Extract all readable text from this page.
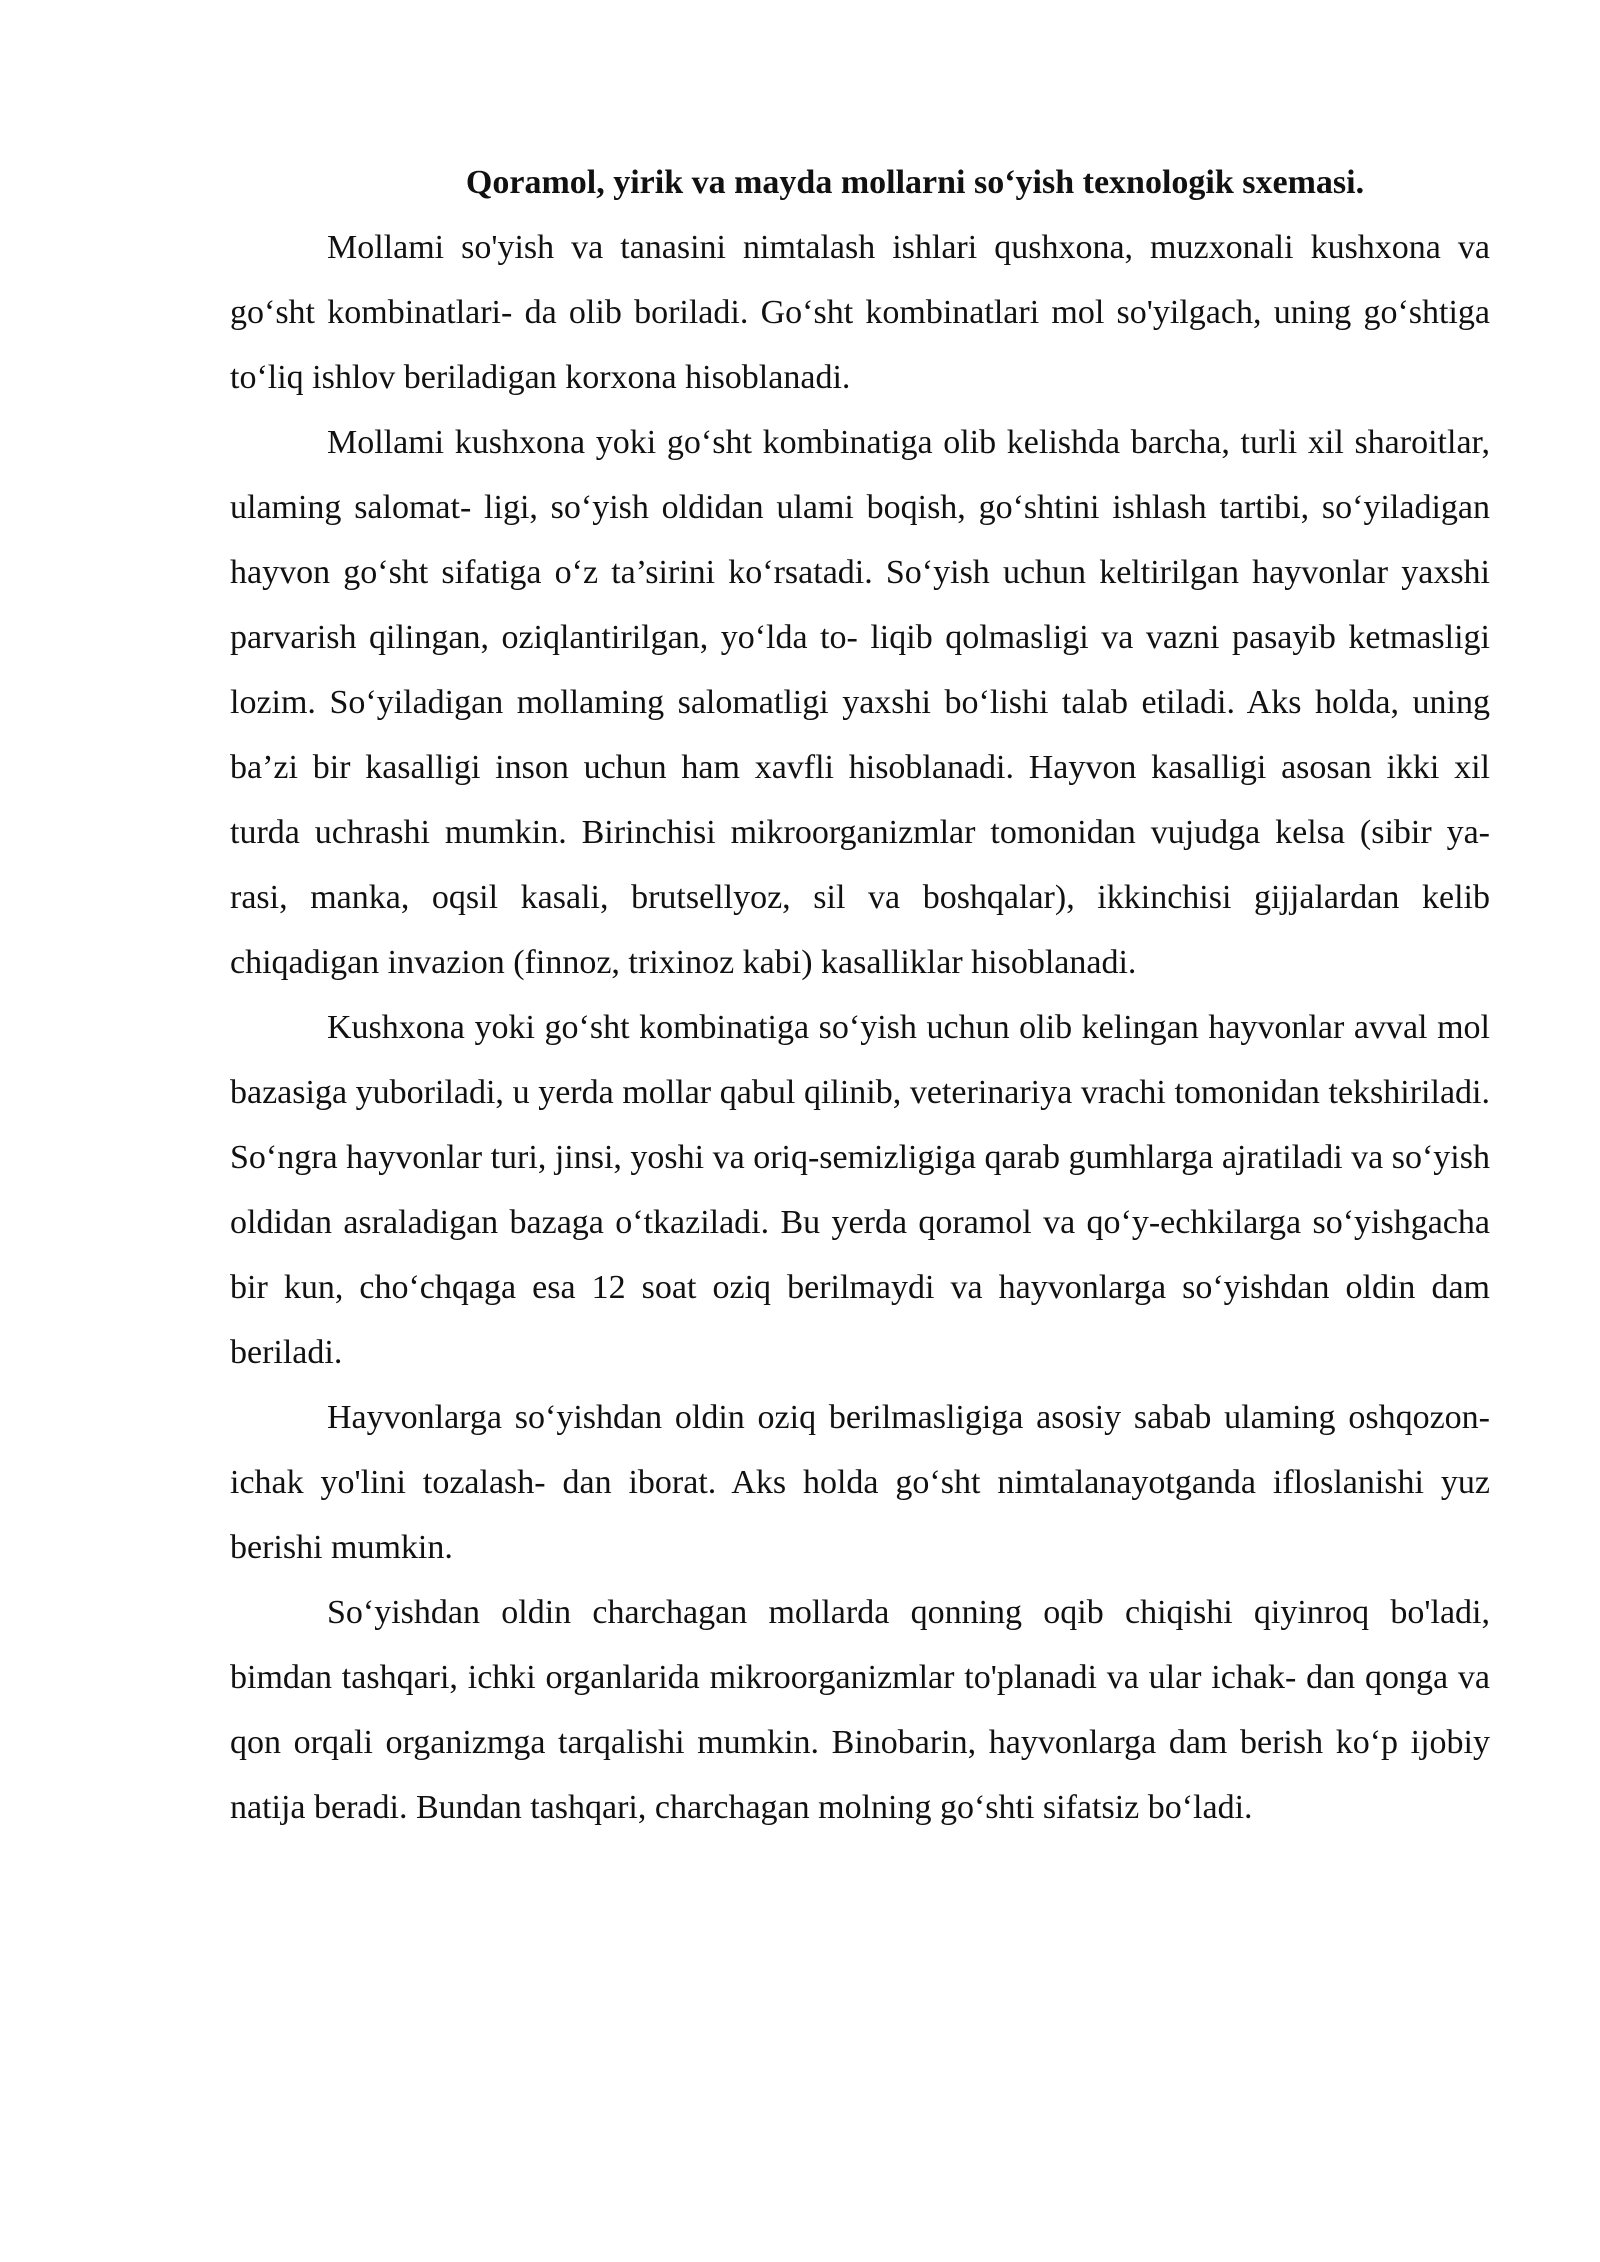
Qoramol, yirik va mayda mollarni so‘yish texnologik sxemasi.

Mollami so'yish va tanasini nimtalash ishlari qushxona, muzxonali kushxona va go‘sht kombinatlari- da olib boriladi. Go‘sht kombinatlari mol so'yilgach, uning go‘shtiga to‘liq ishlov beriladigan korxona hisoblanadi.

Mollami kushxona yoki go‘sht kombinatiga olib kelishda barcha, turli xil sharoitlar, ulaming salomat- ligi, so‘yish oldidan ulami boqish, go‘shtini ishlash tartibi, so‘yiladigan hayvon go‘sht sifatiga o‘z ta’sirini ko‘rsatadi. So‘yish uchun keltirilgan hayvonlar yaxshi parvarish qilingan, oziqlantirilgan, yo‘lda to- liqib qolmasligi va vazni pasayib ketmasligi lozim. So‘yiladigan mollaming salomatligi yaxshi bo‘lishi talab etiladi. Aks holda, uning ba’zi bir kasalligi inson uchun ham xavfli hisoblanadi. Hayvon kasalligi asosan ikki xil turda uchrashi mumkin. Birinchisi mikroorganizmlar tomonidan vujudga kelsa (sibir ya- rasi, manka, oqsil kasali, brutsellyoz, sil va boshqalar), ikkinchisi gijjalardan kelib chiqadigan invazion (finnoz, trixinoz kabi) kasalliklar hisoblanadi.

Kushxona yoki go‘sht kombinatiga so‘yish uchun olib kelingan hayvonlar avval mol bazasiga yuboriladi, u yerda mollar qabul qilinib, veterinariya vrachi tomonidan tekshiriladi. So‘ngra hayvonlar turi, jinsi, yoshi va oriq-semizligiga qarab gumhlarga ajratiladi va so‘yish oldidan asraladigan bazaga o‘tkaziladi. Bu yerda qoramol va qo‘y-echkilarga so‘yishgacha bir kun, cho‘chqaga esa 12 soat oziq berilmaydi va hayvonlarga so‘yishdan oldin dam beriladi.

Hayvonlarga so‘yishdan oldin oziq berilmasligiga asosiy sabab ulaming oshqozon-ichak yo'lini tozalash- dan iborat. Aks holda go‘sht nimtalanayotganda ifloslanishi yuz berishi mumkin.

So‘yishdan oldin charchagan mollarda qonning oqib chiqishi qiyinroq bo'ladi, bimdan tashqari, ichki organlarida mikroorganizmlar to'planadi va ular ichak- dan qonga va qon orqali organizmga tarqalishi mumkin. Binobarin, hayvonlarga dam berish ko‘p ijobiy natija beradi. Bundan tashqari, charchagan molning go‘shti sifatsiz bo‘ladi.
